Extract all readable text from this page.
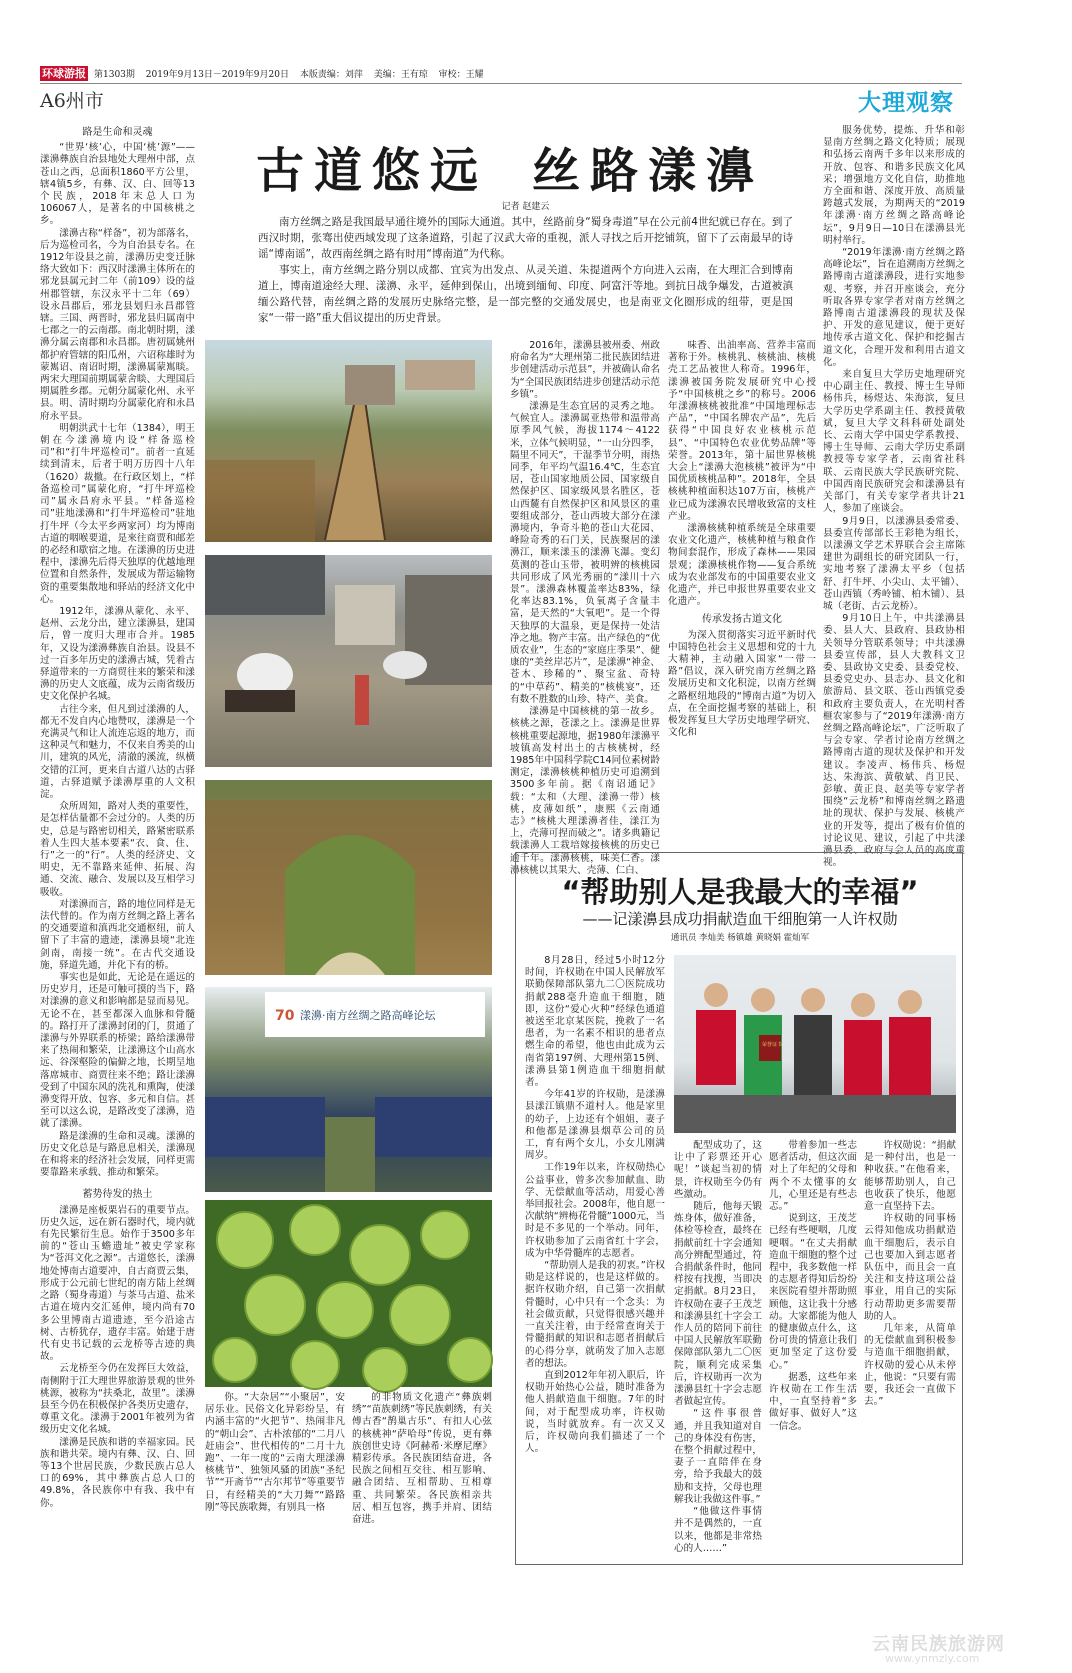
环球游报 第1303期 2019年9月13日－2019年9月20日 本版责编：刘萍 美编：王有琼 审校：王耀
A6州市	大理观察
古道悠远 丝路漾濞
记者 赵建云

南方丝绸之路是我国最早通往境外的国际大通道。其中，丝路前身“蜀身毒道”早在公元前4世纪就已存在。到了西汉时期，张骞出使西域发现了这条道路，引起了汉武大帝的重视，派人寻找之后开挖铺筑，留下了云南最早的诗谣“博南谣”，故西南丝绸之路有时用“博南道”为代称。

事实上，南方丝绸之路分别以成都、宜宾为出发点、从灵关道、朱提道两个方向进入云南，在大理汇合到博南道上，博南道途经大理、漾濞、永平，延伸到保山，出境到缅甸、印度、阿富汗等地。到抗日战争爆发，古道被滇缅公路代替，南丝绸之路的发展历史脉络完整，是一部完整的交通发展史，也是南亚文化圈形成的纽带，更是国家“一带一路”重大倡议提出的历史背景。

路是生命和灵魂

“世界‘核’心，中国‘桃’源”——漾濞彝族自治县地处大理州中部，点苍山之西，总面积1860平方公里，辖4镇5乡，有彝、汉、白、回等13个民族，2018年末总人口为106067人，是著名的中国核桃之乡。

漾濞古称“样备”，初为部落名，后为巡检司名，今为自治县专名。在1912年设县之前，漾濞历史变迁脉络大致如下：西汉时漾濞主体所在的邪龙县属元封二年（前109）设的益州郡管辖，东汉永平十二年（69）设永昌郡后，邪龙县划归永昌郡管辖。三国、两晋时，邪龙县归属南中七郡之一的云南郡。南北朝时期，漾濞分属云南郡和永昌郡。唐初属姚州都护府管辖的阳瓜州，六诏称雄时为蒙嶲诏、南诏时期，漾濞属蒙嶲睒。两宋大理国前期属蒙舍睒、大理国后期属胜乡郡。元朝分属蒙化州、永平县。明、清时期均分属蒙化府和永昌府永平县。

明朝洪武十七年（1384），明王朝在今漾濞境内设“样备巡检司”和“打牛坪巡检司”。前者一直延续到清末，后者于明万历四十八年（1620）裁撤。在行政区划上，“样备巡检司”属蒙化府，“打牛坪巡检司”属永昌府永平县。“样备巡检司”驻地漾濞和“打牛坪巡检司”驻地打牛坪（今太平乡两家河）均为博南古道的咽喉要道，是來往商贾和邮差的必经和歇宿之地。在漾濞的历史进程中，漾濞先后得天独厚的优越地理位置和自然条件，发展成为帮运输物资的重要集散地和驿站的经济文化中心。

1912年，漾濞从蒙化、永平、赵州、云龙分出，建立漾濞县，建国后，曾一度归大理市合并。1985年，又设为漾濞彝族自治县。设县不过一百多年历史的漾濞古城，凭着古驿道带来的一方商贸往来的繁荣和漾濞的历史人文底蕴，成为云南省级历史文化保护名城。

古往今来，但凡到过漾濞的人，都无不发自内心地赞叹，漾濞是一个充满灵气和让人流连忘返的地方，而这种灵气和魅力，不仅来自秀美的山川，建筑的风光，清澈的溪流，纵横交错的江河，更来自古道八达的古驿道，古驿道赋予漾濞厚重的人文积淀。

众所周知，路对人类的重要性，是怎样估量都不会过分的。人类的历史，总是与路密切相关，路紧密联系着人生四大基本要素“衣、食、住、行”之一的“行”。人类的经济史、文明史，无不靠路来延伸、拓展、沟通、交流、融合、发展以及互相学习吸收。

对漾濞而言，路的地位同样是无法代替的。作为南方丝绸之路上著名的交通要道和滇西北交通枢纽，前人留下了丰富的遗迹，漾濞县境“北连剑南，南接一统”。在古代交通设施，驿道先通，并化下有的桥。

事实也是如此，无论是在遥远的历史岁月，还是可触可摸的当下，路对漾濞的意义和影响都是显而易见。无论不在，甚至都深入血脉和骨髓的。路打开了漾濞封闭的门，贯通了漾濞与外界联系的桥梁；路给漾濞带来了热闹和繁荣，让漾濞这个山高水远、谷深壑险的偏僻之地，长期呈地落席城市、商贾往来不绝；路让漾濞受到了中国东风的洗礼和熏陶，使漾濞变得开放、包容、多元和自信。甚至可以这么说，是路改变了漾濞，造就了漾濞。

路是漾濞的生命和灵魂。漾濞的历史文化总是与路息息相关，漾濞现在和将来的经济社会发展，同样更需要靠路来承载、推动和繁荣。

蓄势待发的热土

漾濞是座板栗岩石的重要节点。历史久远，远在新石器时代，境内就有先民繁衍生息。始作于3500多年前的“苍山玉蟾遗址”被史学家称为“苍洱文化之源”。古道悠长，漾濞地处博南古道要冲，自古商贾云集，形成于公元前七世纪的南方陆上丝绸之路（蜀身毒道）与茶马古道、盐米古道在境内交汇延伸，境内尚有70多公里博南古道遗迹，至今沿途古树、古桥犹存，遗存丰富。始建于唐代有史书记载的云龙桥等古迹的典故。

云龙桥至今仍在发挥巨大效益，南侧附于江大理世界旅游景观的世外桃源，被称为“扶桑北，故里”。漾濞县至今仍在积极保护各类历史遗存，尊重文化。漾濞于2001年被列为省级历史文化名城。

漾濞是民族和谐的幸福家园。民族和谐共荣。境内有彝、汉、白、回等13个世居民族，少数民族占总人口的69%，其中彝族占总人口的49.8%，各民族你中有我、我中有你。

70 漾濞·南方丝绸之路高峰论坛

2016年，漾濞县被州委、州政府命名为“大理州第二批民族团结进步创建活动示范县”，并被确认命名为“全国民族团结进步创建活动示范乡镇”。

漾濞是生态宜居的灵秀之地。气候宜人。漾濞属亚热带和温带高原季风气候，海拔1174～4122米，立体气候明显，“一山分四季，隔里不同天”，干湿季节分明，雨热同季，年平均气温16.4℃，生态宜居，苍山国家地质公园、国家级自然保护区、国家级风景名胜区，苍山西麓有自然保护区和风景区的重要组成部分，苍山西坡大部分在漾濞境内，争奇斗艳的苍山大花园、峰险奇秀的石门关，民族聚居的漾濞江，顺来漾玉的漾濞飞瀑。变幻莫测的苍山玉带，被明辨的核桃园共同形成了风光秀丽的“漾川十六景”。漾濞森林覆盖率达83%，绿化率达83.1%，负氧离子含量丰富，是天然的“大氧吧”。是一个得天独厚的大温泉，更是保持一处洁净之地。物产丰富。出产绿色的“优质农业”，生态的“家庭庄季果”、健康的“美丝岸芯片”，是漾濞“神金、苍木、珍稀的”、聚宝盆、奇特的“中草药”、精美的“核桃宴”，还有数不胜数的山珍、特产、美食。

漾濞是中国核桃的第一故乡。核桃之源，苍漾之上。漾濞是世界核桃重要起源地，据1980年漾濞平坡镇高发村出土的古核桃树，经1985年中国科学院C14同位素树龄测定，漾濞核桃种植历史可追溯到3500多年前。据《南诏通记》载：“太和（大理、漾濞一带）核桃，皮薄如纸”，康熙《云南通志》“核桃大理漾濞者佳，漾江为上，壳薄可捏而破之”。诸多典籍记载漾濞人工栽培嫁接核桃的历史已逾千年。漾濞核桃，味美仁香。漾濞核桃以其果大、壳薄、仁白、

味香、出油率高、营养丰富而著称于外。核桃乳、核桃油、核桃壳工艺品被世人称奇。1996年，漾濞被国务院发展研究中心授予“中国核桃之乡”的称号。2006年漾濞核桃被批准“中国地理标志产品”，“中国名牌农产品”，先后获得“中国良好农业核桃示范县”、“中国特色农业优势品牌”等荣誉。2013年，第十届世界核桃大会上“漾濞大泡核桃”被评为“中国优质核桃品种”。2018年，全县核桃种植面积达107万亩，核桃产业已成为漾濞农民增收致富的支柱产业。

漾濞核桃种植系统是全球重要农业文化遗产，核桃种植与粮食作物间套混作，形成了森林——果园景观；漾濞核桃作物——复合系统成为农业部发布的中国重要农业文化遗产，并已申报世界重要农业文化遗产。

传承发扬古道文化

为深入贯彻落实习近平新时代中国特色社会主义思想和党的十九大精神，主动融入国家“一带一路”倡议，深入研究南方丝绸之路发展历史和文化积淀，以南方丝绸之路枢纽地段的“博南古道”为切入点，在全面挖掘考察的基础上，积极发挥复旦大学历史地理学研究、文化和

服务优势，提炼、升华和彰显南方丝绸之路文化特质；展现和弘扬云南两千多年以来形成的开放、包容、和谐多民族文化风采；增强地方文化自信，助推地方全面和谐、深度开放、高质量跨越式发展，为期两天的“2019年漾濞·南方丝绸之路高峰论坛”，9月9日—10日在漾濞县光明村举行。

“2019年漾濞·南方丝绸之路高峰论坛”，旨在追溯南方丝绸之路博南古道漾濞段，进行实地参观、考察，并召开座谈会，充分听取各界专家学者对南方丝绸之路博南古道漾濞段的现状及保护、开发的意见建议，便于更好地传承古道文化、保护和挖掘古道文化，合理开发和利用古道文化。

来自复旦大学历史地理研究中心副主任、教授、博士生导师杨伟兵，杨煜达、朱海滨，复旦大学历史学系副主任、教授黄敬斌，复旦大学文科科研处副处长、云南大学中国史学系教授、博士生导师、云南大学历史系副教授等专家学者，云南省社科联、云南民族大学民族研究院、中国西南民族研究会和漾濞县有关部门，有关专家学者共计21人，参加了座谈会。

9月9日，以漾濞县委常委、县委宣传部部长王彩艳为组长，以漾濞文学艺术界联合会主席陈建世为副组长的研究团队一行，实地考察了漾濞太平乡（包括舒、打牛坪、小尖山、太平铺）、苍山西镇（秀岭铺、柏木铺）、县城（老街、古云龙桥）。

9月10日上午，中共漾濞县委、县人大、县政府、县政协相关领导分管联系领导；中共漾濞县委宣传部，县人大教科文卫委、县政协文史委、县委党校、县委党史办、县志办、县文化和旅游局、县文联、苍山西镇党委和政府主要负责人，在光明村香榧农家参与了“2019年漾濞·南方丝绸之路高峰论坛”，广泛听取了与会专家、学者讨论南方丝绸之路博南古道的现状及保护和开发建议。李凌声、杨伟兵、杨煜达、朱海滨、黄敬斌、肖卫民、彭敏、黄正良、赵美等专家学者围绕“云龙桥”和博南丝绸之路遗址的现状、保护与发展、核桃产业的开发等，提出了极有价值的讨论议见、建议，引起了中共漾濞县委、政府与会人员的高度重视。

你。“大杂居”“小聚居”，安居乐业。民俗文化异彩纷呈，有内涵丰富的“火把节”、热闹非凡的“朝山会”、古朴浓郁的“二月八赶庙会”、世代相传的“二月十九跑”、一年一度的“云南大理漾濞核桃节”、独领风骚的团族“圣纪节”“开斋节”“古尔邦节”等重要节日，有经精美的“大刀舞”“路路刚”等民族歌舞，有别具一格

的非物质文化遗产“彝族刺绣”“苗族刺绣”等民族刺绣，有关傅古香“鹊巢古乐”、有扣人心弦的核桃神“萨哈母”传说，更有彝族创世史诗《阿赫希·米摩尼摩》精彩传承。各民族团结奋进，各民族之间相互交往、相互影响、融合团结、互相帮助、互相尊重、共同繁荣。各民族相亲共居、相互包容，携手并肩、团结奋进。

“帮助别人是我最大的幸福”
——记漾濞县成功捐献造血干细胞第一人许权勋
通讯员 李灿美 杨镇雄 黄晓娟 霍灿军

8月28日，经过5小时12分时间，许权勋在中国人民解放军联勤保障部队第九二〇医院成功捐献288毫升造血干细胞，随即，这份“爱心火种”经绿色通道被送至北京某医院，挽救了一名患者，为一名素不相识的患者点燃生命的希望，他也由此成为云南省第197例、大理州第15例、漾濞县第1例造血干细胞捐献者。

今年41岁的许权勋，是漾濞县漾江镇鼎不道村人。他是家里的幼子，上边还有个姐姐，妻子和他都是漾濞县烟草公司的员工，育有两个女儿，小女儿刚满周岁。

工作19年以来，许权勋热心公益事业，曾多次参加献血、助学、无偿献血等活动，用爱心善举回报社会。2008年，他自愿一次献纳“辨梅花骨髓”1000元，当时是不多见的一个举动。同年，许权勋参加了云南省红十字会，成为中华骨髓库的志愿者。

“帮助别人是我的初衷。”许权勋是这样说的，也是这样做的。据许权勋介绍，自己第一次捐献骨髓时，心中只有一个念头：为社会做贡献，只觉得很感兴趣并一直关注着，由于经常查询关于骨髓捐献的知识和志愿者捐献后的心得分享，就萌发了加入志愿者的想法。

直到2012年年初入职后，许权勋开始热心公益，随时准备为他人捐献造血干细胞。7年的时间，对于配型成功率，许权勋说，当时就放弃。有一次又又后，许权勋向我们描述了一个人。

荣誉证书

配型成功了，这让中了彩票还开心呢！”谈起当初的情景，许权勋至今仍有些激动。

随后，他每天锻炼身体，做好准备，体检等检查，最终在捐献前红十字会通知高分辨配型通过，符合捐献条件时，他同样按有找搜，当即决定捐献。8月23日，许权勋在妻子王茂芝和漾濞县红十字会工作人员的陪同下前往中国人民解放军联勤保障部队第九二〇医院，顺利完成采集后，许权勋再一次为漾濞县红十字会志愿者做起宣传。

“这件事很普通，并且我知道对自己的身体没有伤害，在整个捐献过程中，妻子一直陪伴在身旁，给予我最大的鼓励和支持，父母也理解我让我做这件事。”

“他做这件事情并不是偶然的，一直以来，他都是非常热心的人……”

带着参加一些志愿者活动，但这次面对上了年纪的父母和两个不太懂事的女儿，心里还是有些忐忑。”

说到这，王茂芝已经有些哽咽，几度哽咽。“在丈夫捐献造血干细胞的整个过程中，我多数他一样的志愿者得知后纷纷来医院看望并帮助照顾他，这让我十分感动。大家都能为他人的健康做点什么，这份可贵的情意让我们更加坚定了这份爱心。”

据悉，这些年来许权勋在工作生活中，一直坚持着“多做好事、做好人”这一信念。

许权勋说：“捐献是一种付出，也是一种收获。”在他看来，能够帮助别人，自己也收获了快乐，他愿意一直坚持下去。

许权勋的同事杨云得知他成功捐献造血干细胞后，表示自己也要加入到志愿者队伍中，而且会一直关注和支持这项公益事业，用自己的实际行动帮助更多需要帮助的人。

几年来，从简单的无偿献血到积极参与造血干细胞捐献，许权勋的爱心从未停止，他说：“只要有需要，我还会一直做下去。”

云南民族旅游网
www.ynmzly.com
